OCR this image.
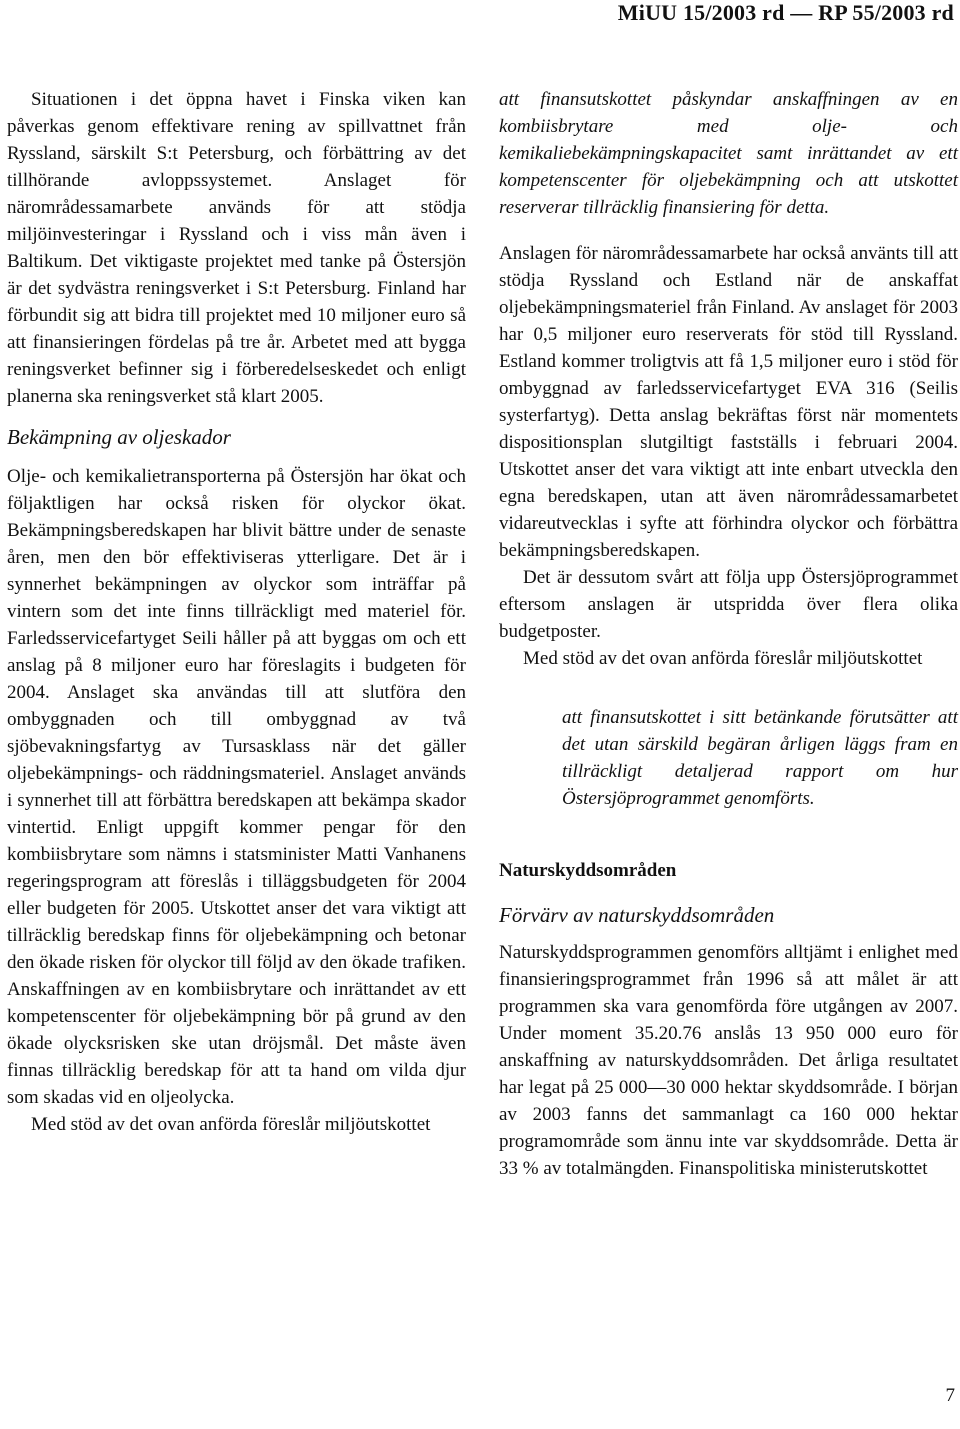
MiUU 15/2003 rd — RP 55/2003 rd

Situationen i det öppna havet i Finska viken kan påverkas genom effektivare rening av spillvattnet från Ryssland, särskilt S:t Petersburg, och förbättring av det tillhörande avloppssystemet. Anslaget för närområdessamarbete används för att stödja miljöinvesteringar i Ryssland och i viss mån även i Baltikum. Det viktigaste projektet med tanke på Östersjön är det sydvästra reningsverket i S:t Petersburg. Finland har förbundit sig att bidra till projektet med 10 miljoner euro så att finansieringen fördelas på tre år. Arbetet med att bygga reningsverket befinner sig i förberedelseskedet och enligt planerna ska reningsverket stå klart 2005.

Bekämpning av oljeskador

Olje- och kemikalietransporterna på Östersjön har ökat och följaktligen har också risken för olyckor ökat. Bekämpningsberedskapen har blivit bättre under de senaste åren, men den bör effektiviseras ytterligare. Det är i synnerhet bekämpningen av olyckor som inträffar på vintern som det inte finns tillräckligt med materiel för. Farledsservicefartyget Seili håller på att byggas om och ett anslag på 8 miljoner euro har föreslagits i budgeten för 2004. Anslaget ska användas till att slutföra den ombyggnaden och till ombyggnad av två sjöbevakningsfartyg av Tursasklass när det gäller oljebekämpnings- och räddningsmateriel. Anslaget används i synnerhet till att förbättra beredskapen att bekämpa skador vintertid. Enligt uppgift kommer pengar för den kombiisbrytare som nämns i statsminister Matti Vanhanens regeringsprogram att föreslås i tilläggsbudgeten för 2004 eller budgeten för 2005. Utskottet anser det vara viktigt att tillräcklig beredskap finns för oljebekämpning och betonar den ökade risken för olyckor till följd av den ökade trafiken. Anskaffningen av en kombiisbrytare och inrättandet av ett kompetenscenter för oljebekämpning bör på grund av den ökade olycksrisken ske utan dröjsmål. Det måste även finnas tillräcklig beredskap för att ta hand om vilda djur som skadas vid en oljeolycka.

Med stöd av det ovan anförda föreslår miljöutskottet

att finansutskottet påskyndar anskaffningen av en kombiisbrytare med olje- och kemikaliebekämpningskapacitet samt inrättandet av ett kompetenscenter för oljebekämpning och att utskottet reserverar tillräcklig finansiering för detta.

Anslagen för närområdessamarbete har också använts till att stödja Ryssland och Estland när de anskaffat oljebekämpningsmateriel från Finland. Av anslaget för 2003 har 0,5 miljoner euro reserverats för stöd till Ryssland. Estland kommer troligtvis att få 1,5 miljoner euro i stöd för ombyggnad av farledsservicefartyget EVA 316 (Seilis systerfartyg). Detta anslag bekräftas först när momentets dispositionsplan slutgiltigt fastställs i februari 2004. Utskottet anser det vara viktigt att inte enbart utveckla den egna beredskapen, utan att även närområdessamarbetet vidareutvecklas i syfte att förhindra olyckor och förbättra bekämpningsberedskapen.

Det är dessutom svårt att följa upp Östersjöprogrammet eftersom anslagen är utspridda över flera olika budgetposter.

Med stöd av det ovan anförda föreslår miljöutskottet

att finansutskottet i sitt betänkande förutsätter att det utan särskild begäran årligen läggs fram en tillräckligt detaljerad rapport om hur Östersjöprogrammet genomförts.

Naturskyddsområden
Förvärv av naturskyddsområden

Naturskyddsprogrammen genomförs alltjämt i enlighet med finansieringsprogrammet från 1996 så att målet är att programmen ska vara genomförda före utgången av 2007. Under moment 35.20.76 anslås 13 950 000 euro för anskaffning av naturskyddsområden. Det årliga resultatet har legat på 25 000—30 000 hektar skyddsområde. I början av 2003 fanns det sammanlagt ca 160 000 hektar programområde som ännu inte var skyddsområde. Detta är 33 % av totalmängden. Finanspolitiska ministerutskottet

7
